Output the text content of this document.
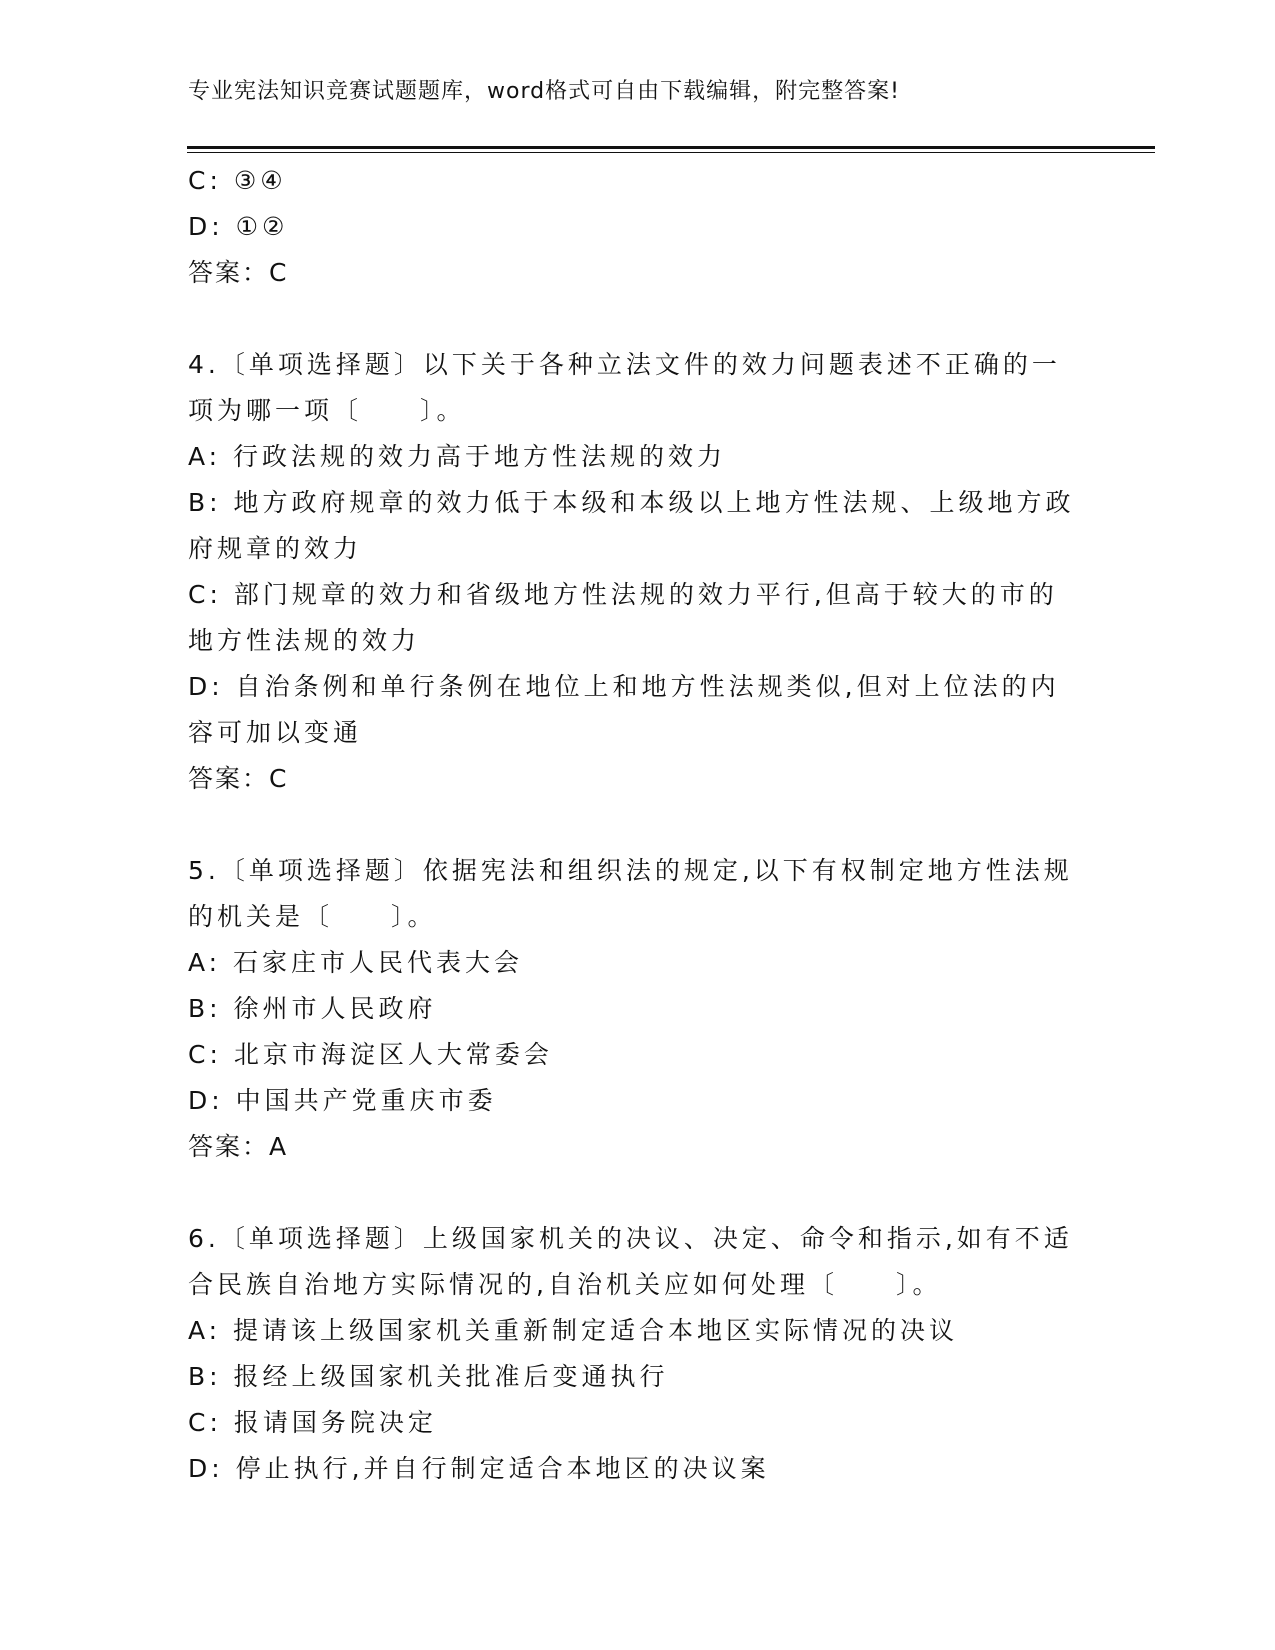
专业宪法知识竞赛试题题库，word格式可自由下载编辑，附完整答案!
C: ③④
D: ①②
答案：C
4.〔单项选择题〕以下关于各种立法文件的效力问题表述不正确的一
项为哪一项〔　　〕。
A: 行政法规的效力高于地方性法规的效力
B: 地方政府规章的效力低于本级和本级以上地方性法规、上级地方政
府规章的效力
C: 部门规章的效力和省级地方性法规的效力平行,但高于较大的市的
地方性法规的效力
D: 自治条例和单行条例在地位上和地方性法规类似,但对上位法的内
容可加以变通
答案：C
5.〔单项选择题〕依据宪法和组织法的规定,以下有权制定地方性法规
的机关是〔　　〕。
A: 石家庄市人民代表大会
B: 徐州市人民政府
C: 北京市海淀区人大常委会
D: 中国共产党重庆市委
答案：A
6.〔单项选择题〕上级国家机关的决议、决定、命令和指示,如有不适
合民族自治地方实际情况的,自治机关应如何处理〔　　〕。
A: 提请该上级国家机关重新制定适合本地区实际情况的决议
B: 报经上级国家机关批准后变通执行
C: 报请国务院决定
D: 停止执行,并自行制定适合本地区的决议案
